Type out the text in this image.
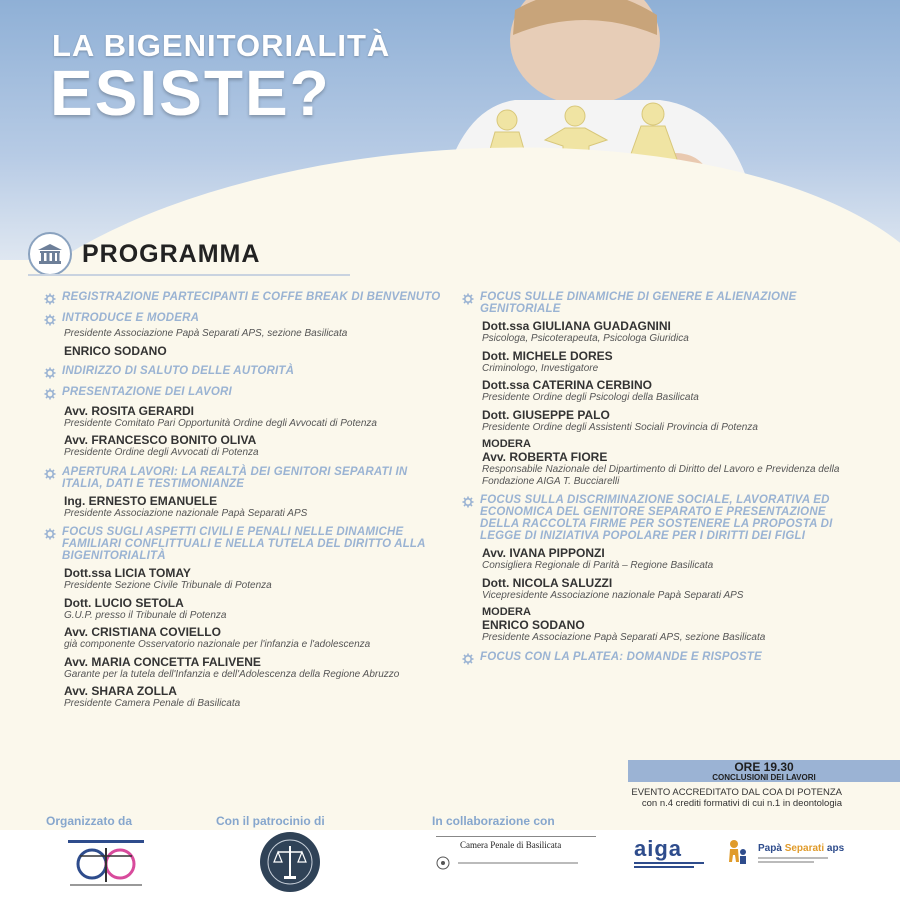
LA BIGENITORIALITÀ
ESISTE?
PROGRAMMA
REGISTRAZIONE PARTECIPANTI E COFFE BREAK DI BENVENUTO
INTRODUCE E MODERA
Presidente Associazione Papà Separati APS, sezione Basilicata
ENRICO SODANO
INDIRIZZO DI SALUTO DELLE AUTORITÀ
PRESENTAZIONE DEI LAVORI
Avv. ROSITA GERARDI
Presidente Comitato Pari Opportunità Ordine degli Avvocati di Potenza
Avv. FRANCESCO BONITO OLIVA
Presidente Ordine degli Avvocati di Potenza
APERTURA LAVORI: LA REALTÀ DEI GENITORI SEPARATI IN ITALIA, DATI E TESTIMONIANZE
Ing. ERNESTO EMANUELE
Presidente Associazione nazionale Papà Separati APS
FOCUS SUGLI ASPETTI CIVILI E PENALI NELLE DINAMICHE FAMILIARI CONFLITTUALI E NELLA TUTELA DEL DIRITTO ALLA BIGENITORIALITÀ
Dott.ssa LICIA TOMAY
Presidente Sezione Civile Tribunale di Potenza
Dott. LUCIO SETOLA
G.U.P. presso il Tribunale di Potenza
Avv. CRISTIANA COVIELLO
già componente Osservatorio nazionale per l'infanzia e l'adolescenza
Avv. MARIA CONCETTA FALIVENE
Garante per la tutela dell'Infanzia e dell'Adolescenza della Regione Abruzzo
Avv. SHARA ZOLLA
Presidente Camera Penale di Basilicata
FOCUS SULLE DINAMICHE DI GENERE E ALIENAZIONE GENITORIALE
Dott.ssa GIULIANA GUADAGNINI
Psicologa, Psicoterapeuta, Psicologa Giuridica
Dott. MICHELE DORES
Criminologo, Investigatore
Dott.ssa CATERINA CERBINO
Presidente Ordine degli Psicologi della Basilicata
Dott. GIUSEPPE PALO
Presidente Ordine degli Assistenti Sociali Provincia di Potenza
MODERA
Avv. ROBERTA FIORE
Responsabile Nazionale del Dipartimento di Diritto del Lavoro e Previdenza della Fondazione AIGA T. Bucciarelli
FOCUS SULLA DISCRIMINAZIONE SOCIALE, LAVORATIVA ED ECONOMICA DEL GENITORE SEPARATO E PRESENTAZIONE DELLA RACCOLTA FIRME PER SOSTENERE LA PROPOSTA DI LEGGE DI INIZIATIVA POPOLARE PER I DIRITTI DEI FIGLI
Avv. IVANA PIPPONZI
Consigliera Regionale di Parità – Regione Basilicata
Dott. NICOLA SALUZZI
Vicepresidente Associazione nazionale Papà Separati APS
MODERA
ENRICO SODANO
Presidente Associazione Papà Separati APS, sezione Basilicata
FOCUS CON LA PLATEA: DOMANDE E RISPOSTE
ORE 19.30
CONCLUSIONI DEI LAVORI
EVENTO ACCREDITATO DAL COA DI POTENZA
con n.4 crediti formativi di cui n.1 in deontologia
Organizzato da	Con il patrocinio di	In collaborazione con
Camera Penale di Basilicata	aiga	Papà Separati aps
